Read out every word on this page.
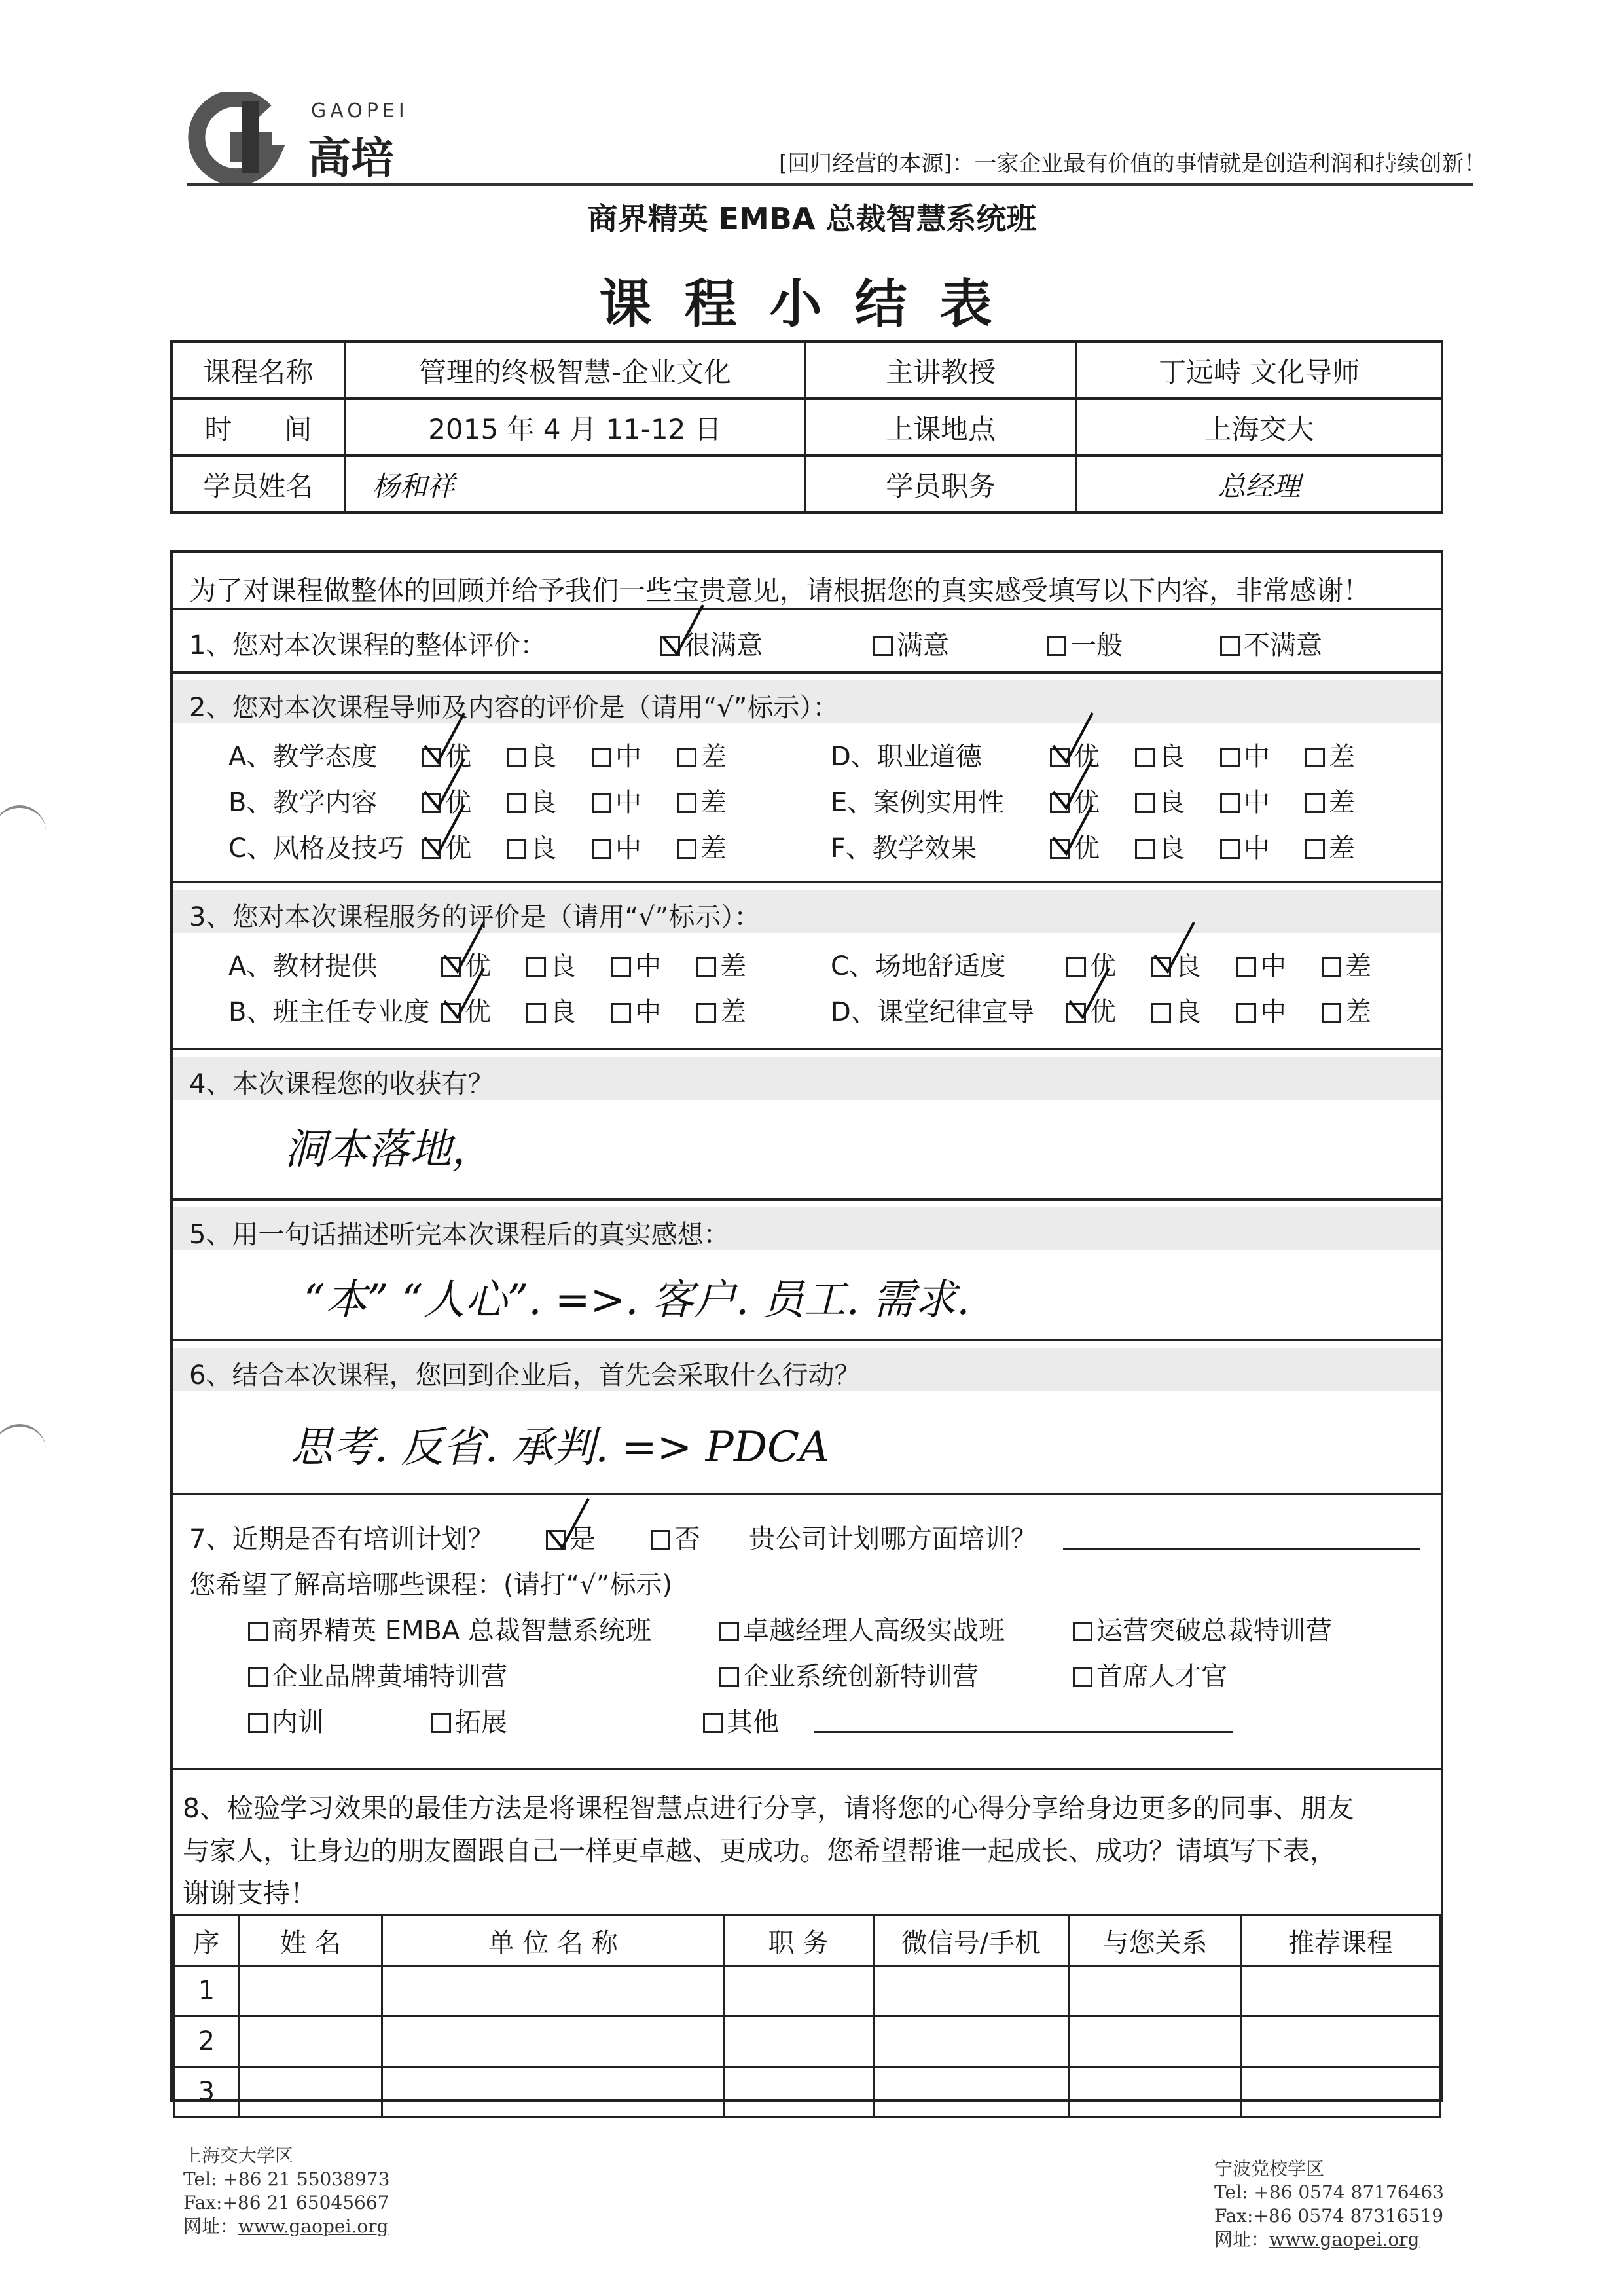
GAOPEI
高培	[回归经营的本源]：一家企业最有价值的事情就是创造利润和持续创新！
商界精英 EMBA 总裁智慧系统班
课程小结表
课程名称	管理的终极智慧-企业文化	主讲教授	丁远峙 文化导师
时      间	2015 年 4 月 11-12 日	上课地点	上海交大
学员姓名	杨和祥	学员职务	总经理
为了对课程做整体的回顾并给予我们一些宝贵意见，请根据您的真实感受填写以下内容，非常感谢！
1、您对本次课程的整体评价：	很满意	满意	一般	不满意
2、您对本次课程导师及内容的评价是（请用“√”标示）：
A、教学态度	优	良	中	差
B、教学内容	优	良	中	差
C、风格及技巧	优	良	中	差
D、职业道德	优	良	中	差
E、案例实用性	优	良	中	差
F、教学效果	优	良	中	差
3、您对本次课程服务的评价是（请用“√”标示）：
A、教材提供	优	良	中	差
B、班主任专业度	优	良	中	差
C、场地舒适度	优	良	中	差
D、课堂纪律宣导	优	良	中	差
4、本次课程您的收获有？
洞本落地，
5、用一句话描述听完本次课程后的真实感想：
“本” “人心”. =>. 客户. 员工. 需求.
6、结合本次课程，您回到企业后，首先会采取什么行动？
思考. 反省. 承判. => PDCA
7、近期是否有培训计划？	是	否 贵公司计划哪方面培训？
您希望了解高培哪些课程：(请打“√”标示)
商界精英 EMBA 总裁智慧系统班	卓越经理人高级实战班	运营突破总裁特训营
企业品牌黄埔特训营	企业系统创新特训营	首席人才官
内训	拓展	其他
8、检验学习效果的最佳方法是将课程智慧点进行分享，请将您的心得分享给身边更多的同事、朋友
与家人，让身边的朋友圈跟自己一样更卓越、更成功。您希望帮谁一起成长、成功？请填写下表，
谢谢支持！
序	姓 名	单 位 名 称	职 务	微信号/手机	与您关系	推荐课程
1						
2						
3						
上海交大学区
Tel: +86 21 55038973
Fax:+86 21 65045667
网址：www.gaopei.org
宁波党校学区
Tel: +86 0574 87176463
Fax:+86 0574 87316519
网址：www.gaopei.org
